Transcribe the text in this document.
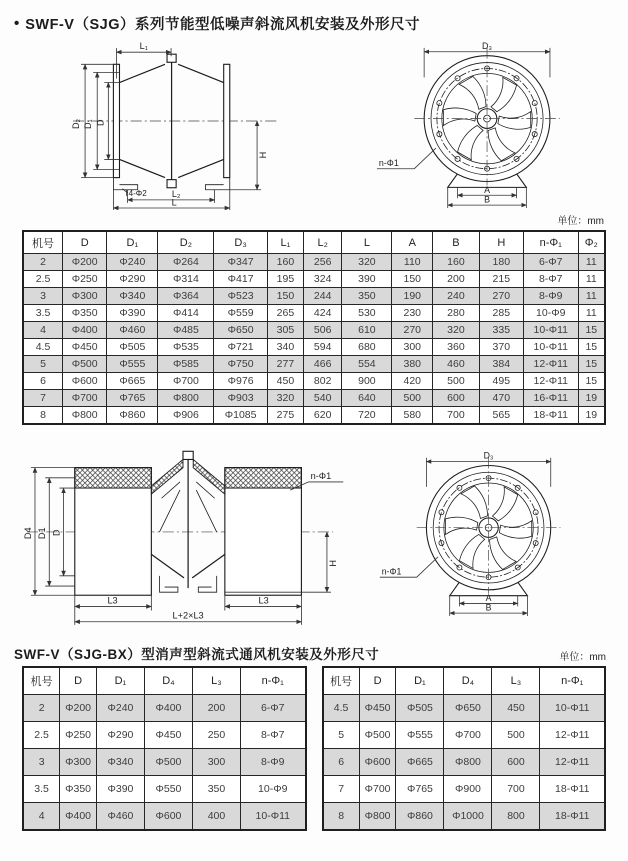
• SWF-V（SJG）系列节能型低噪声斜流风机安装及外形尺寸
L₁
D₂ D₁ D
H
4-Φ2	L₂
L
D₃
n-Φ1
A
B
单位：mm
机号	D	D₁	D₂	D₃	L₁	L₂	L	A	B	H	n-Φ₁	Φ₂
2	Φ200	Φ240	Φ264	Φ347	160	256	320	110	160	180	6-Φ7	11
2.5	Φ250	Φ290	Φ314	Φ417	195	324	390	150	200	215	8-Φ7	11
3	Φ300	Φ340	Φ364	Φ523	150	244	350	190	240	270	8-Φ9	11
3.5	Φ350	Φ390	Φ414	Φ559	265	424	530	230	280	285	10-Φ9	11
4	Φ400	Φ460	Φ485	Φ650	305	506	610	270	320	335	10-Φ11	15
4.5	Φ450	Φ505	Φ535	Φ721	340	594	680	300	360	370	10-Φ11	15
5	Φ500	Φ555	Φ585	Φ750	277	466	554	380	460	384	12-Φ11	15
6	Φ600	Φ665	Φ700	Φ976	450	802	900	420	500	495	12-Φ11	15
7	Φ700	Φ765	Φ800	Φ903	320	540	640	500	600	470	16-Φ11	19
8	Φ800	Φ860	Φ906	Φ1085	275	620	720	580	700	565	18-Φ11	19
D4 D1 D
n-Φ1
H
L3	L3
L+2×L3
D₃
n-Φ1
A
B
SWF-V（SJG-BX）型消声型斜流式通风机安装及外形尺寸	单位：mm
机号	D	D₁	D₄	L₃	n-Φ₁
2	Φ200	Φ240	Φ400	200	6-Φ7
2.5	Φ250	Φ290	Φ450	250	8-Φ7
3	Φ300	Φ340	Φ500	300	8-Φ9
3.5	Φ350	Φ390	Φ550	350	10-Φ9
4	Φ400	Φ460	Φ600	400	10-Φ11
机号	D	D₁	D₄	L₃	n-Φ₁
4.5	Φ450	Φ505	Φ650	450	10-Φ11
5	Φ500	Φ555	Φ700	500	12-Φ11
6	Φ600	Φ665	Φ800	600	12-Φ11
7	Φ700	Φ765	Φ900	700	18-Φ11
8	Φ800	Φ860	Φ1000	800	18-Φ11
